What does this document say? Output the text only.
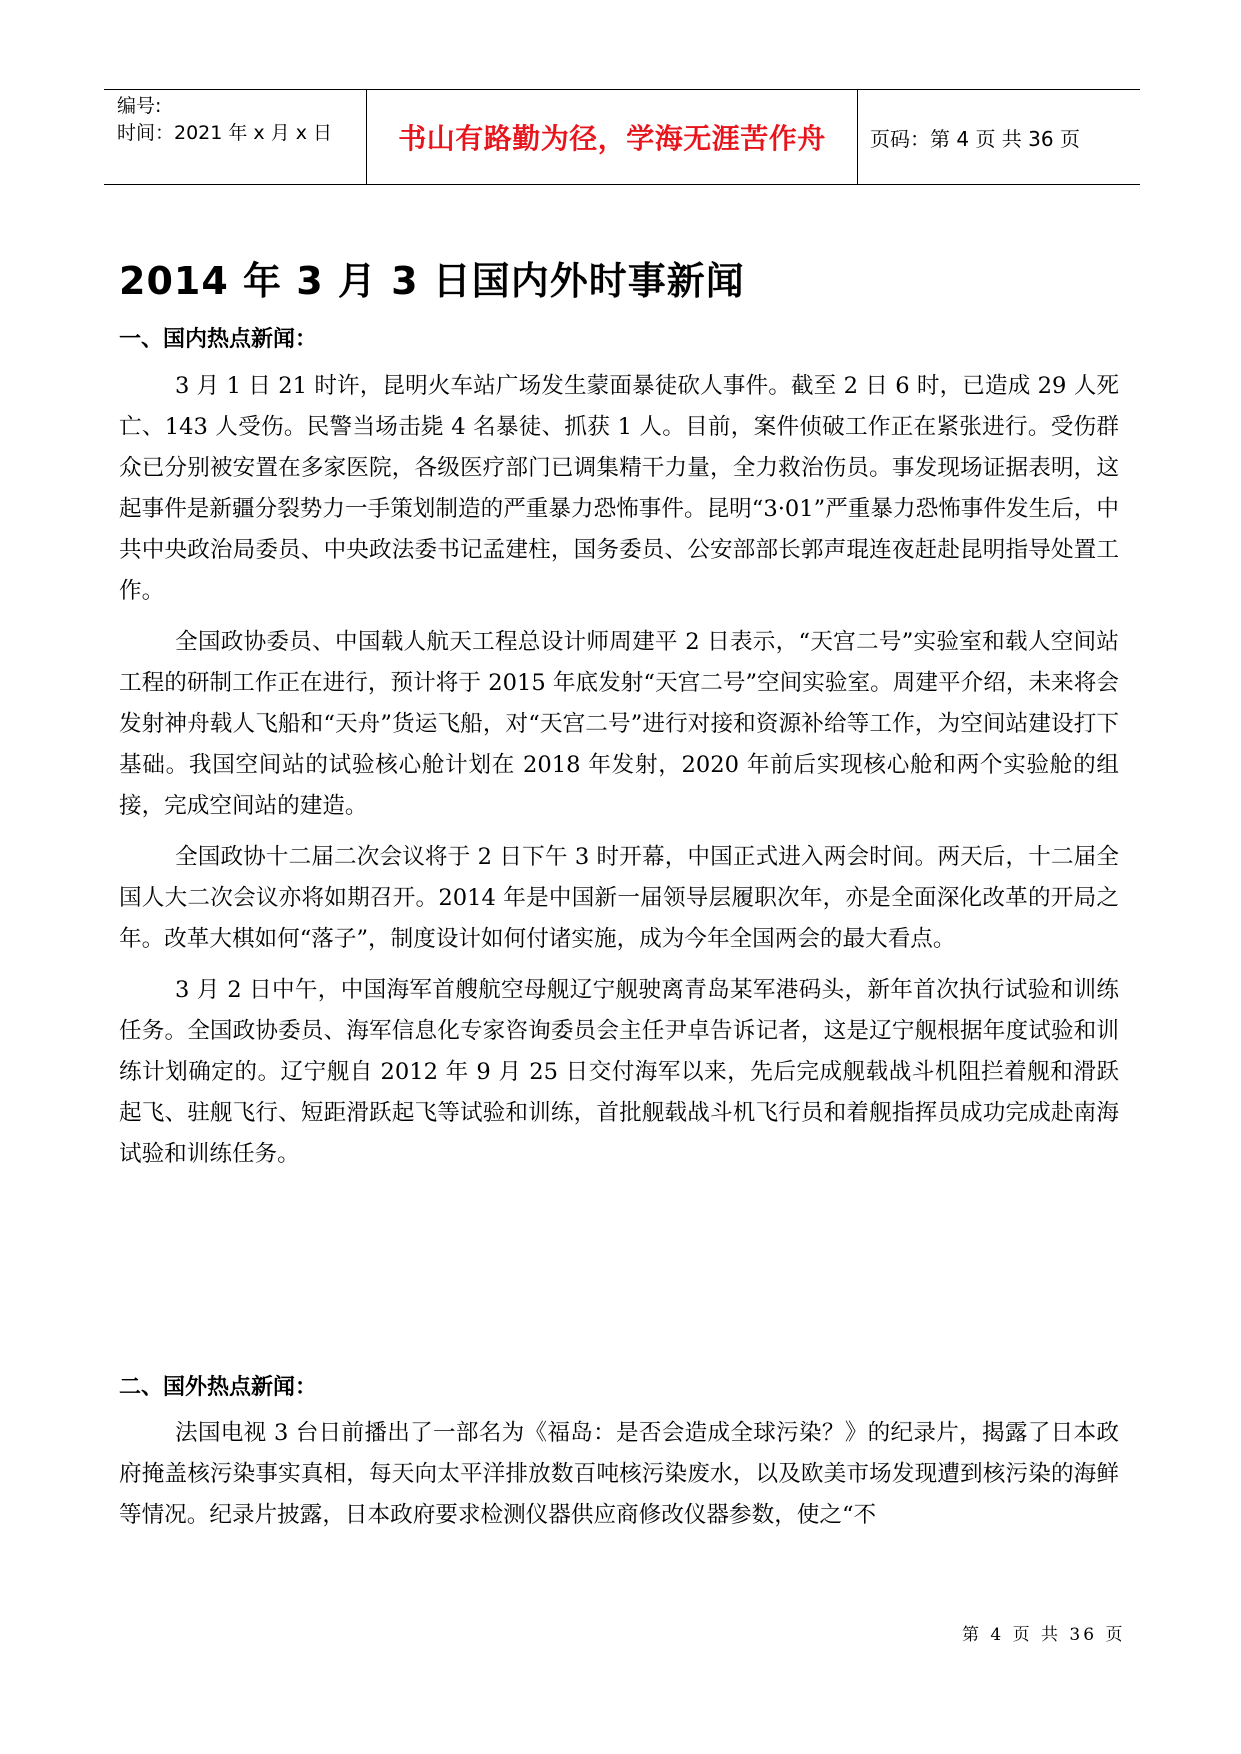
编号:
时间：2021 年 x 月 x 日	书山有路勤为径，学海无涯苦作舟	页码：第 4 页 共 36 页
2014 年 3 月 3 日国内外时事新闻
一、国内热点新闻：

3 月 1 日 21 时许，昆明火车站广场发生蒙面暴徒砍人事件。截至 2 日 6 时，已造成 29 人死亡、143 人受伤。民警当场击毙 4 名暴徒、抓获 1 人。目前，案件侦破工作正在紧张进行。受伤群众已分别被安置在多家医院，各级医疗部门已调集精干力量，全力救治伤员。事发现场证据表明，这起事件是新疆分裂势力一手策划制造的严重暴力恐怖事件。昆明“3·01”严重暴力恐怖事件发生后，中共中央政治局委员、中央政法委书记孟建柱，国务委员、公安部部长郭声琨连夜赶赴昆明指导处置工作。

全国政协委员、中国载人航天工程总设计师周建平 2 日表示，“天宫二号”实验室和载人空间站工程的研制工作正在进行，预计将于 2015 年底发射“天宫二号”空间实验室。周建平介绍，未来将会发射神舟载人飞船和“天舟”货运飞船，对“天宫二号”进行对接和资源补给等工作，为空间站建设打下基础。我国空间站的试验核心舱计划在 2018 年发射，2020 年前后实现核心舱和两个实验舱的组接，完成空间站的建造。

全国政协十二届二次会议将于 2 日下午 3 时开幕，中国正式进入两会时间。两天后，十二届全国人大二次会议亦将如期召开。2014 年是中国新一届领导层履职次年，亦是全面深化改革的开局之年。改革大棋如何“落子”，制度设计如何付诸实施，成为今年全国两会的最大看点。

3 月 2 日中午，中国海军首艘航空母舰辽宁舰驶离青岛某军港码头，新年首次执行试验和训练任务。全国政协委员、海军信息化专家咨询委员会主任尹卓告诉记者，这是辽宁舰根据年度试验和训练计划确定的。辽宁舰自 2012 年 9 月 25 日交付海军以来，先后完成舰载战斗机阻拦着舰和滑跃起飞、驻舰飞行、短距滑跃起飞等试验和训练，首批舰载战斗机飞行员和着舰指挥员成功完成赴南海试验和训练任务。

二、国外热点新闻：

法国电视 3 台日前播出了一部名为《福岛：是否会造成全球污染？》的纪录片，揭露了日本政府掩盖核污染事实真相，每天向太平洋排放数百吨核污染废水，以及欧美市场发现遭到核污染的海鲜等情况。纪录片披露，日本政府要求检测仪器供应商修改仪器参数，使之“不

第 4 页 共 36 页
